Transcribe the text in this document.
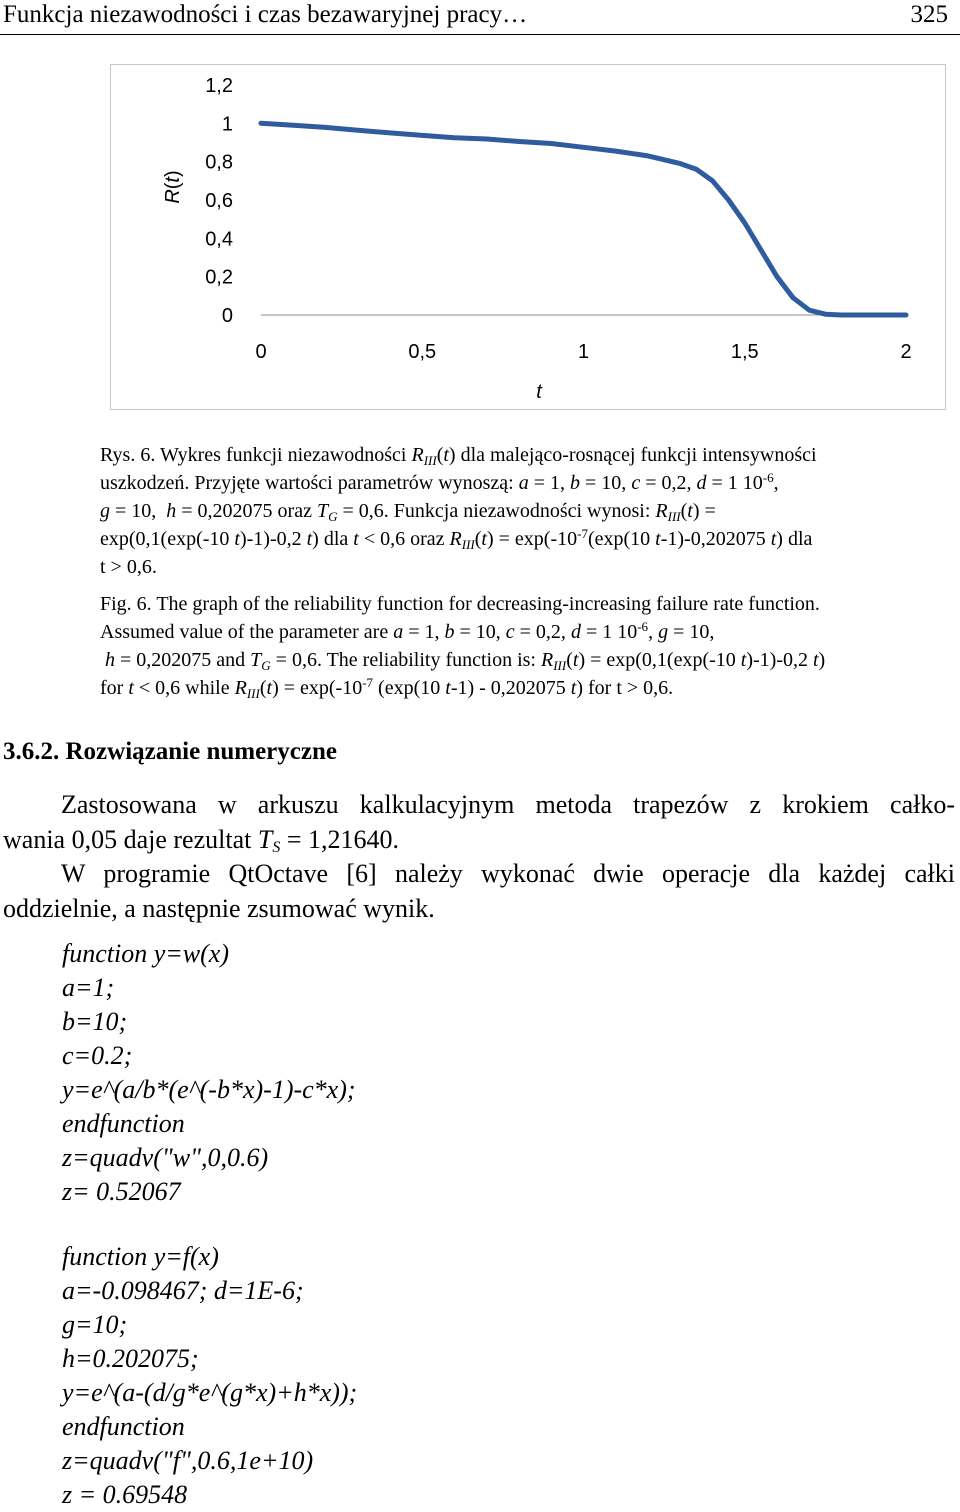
Funkcja niezawodności i czas bezawaryjnej pracy…	325
0
0,2
0,4
0,6
0,8
1
1,2
0	0,5	1	1,5	2
R(t)
t
Rys. 6. Wykres funkcji niezawodności $R_{III}(t)$ dla malejąco-rosnącej funkcji intensywności
uszkodzeń. Przyjęte wartości parametrów wynoszą: a = 1, b = 10, c = 0,2, d = 1 $10^{-6}$,
g = 10,  h = 0,202075 oraz $T_G = 0,6$. Funkcja niezawodności wynosi: $R_{III}(t)$ =
exp(0,1(exp(-10 t)-1)-0,2 t) dla t < 0,6 oraz $R_{III}(t) = \exp(-10^{-7}(\exp(10$ t-1)-0,202075 t) dla
t > 0,6.
Fig. 6. The graph of the reliability function for decreasing-increasing failure rate function.
Assumed value of the parameter are a = 1, b = 10, c = 0,2, d = 1 $10^{-6}$, g = 10,
h = 0,202075 and $T_G = 0,6$. The reliability function is: $R_{III}(t) = \exp(0,1(\exp(-10$ t)-1)-0,2 t)
for t < 0,6 while $R_{III}(t) = \exp(-10^{-7}$ (exp(10 t-1) - 0,202075 t) for t > 0,6.
3.6.2. Rozwiązanie numeryczne
Zastosowana w arkuszu kalkulacyjnym metoda trapezów z krokiem całko-
wania 0,05 daje rezultat $T_S = 1,21640$.
W programie QtOctave [6] należy wykonać dwie operacje dla każdej całki
oddzielnie, a następnie zsumować wynik.
function y=w(x)
a=1;
b=10;
c=0.2;
y=e^(a/b*(e^(-b*x)-1)-c*x);
endfunction
z=quadv("w",0,0.6)
z= 0.52067
function y=f(x)
a=-0.098467; d=1E-6;
g=10;
h=0.202075;
y=e^(a-(d/g*e^(g*x)+h*x));
endfunction
z=quadv("f",0.6,1e+10)
z = 0.69548
